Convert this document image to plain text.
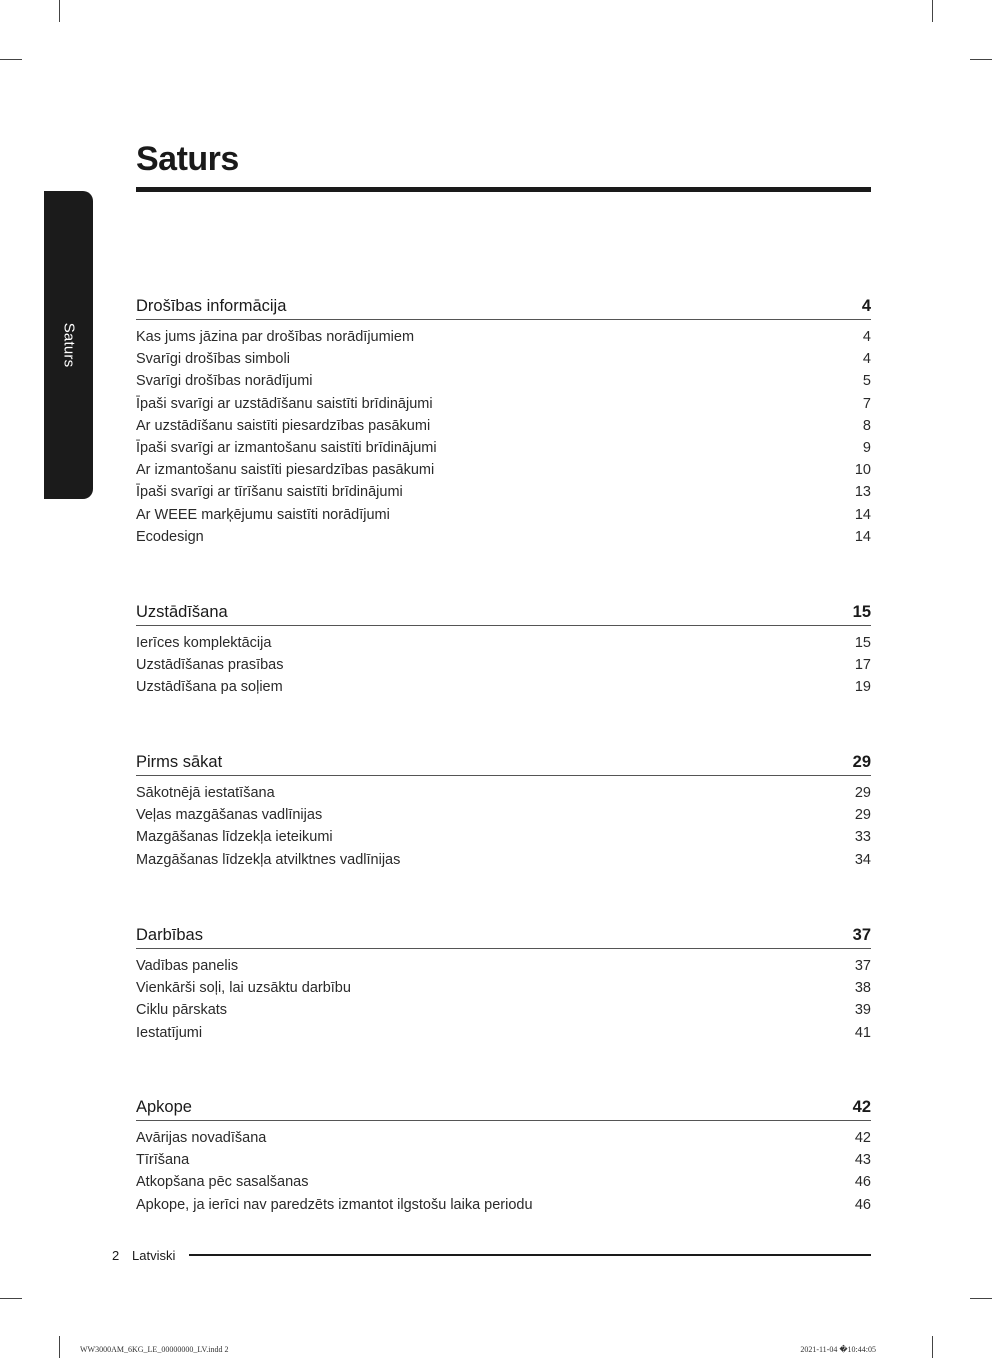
Saturs
Saturs
Drošības informācija	4
Kas jums jāzina par drošības norādījumiem	4
Svarīgi drošības simboli	4
Svarīgi drošības norādījumi	5
Īpaši svarīgi ar uzstādīšanu saistīti brīdinājumi	7
Ar uzstādīšanu saistīti piesardzības pasākumi	8
Īpaši svarīgi ar izmantošanu saistīti brīdinājumi	9
Ar izmantošanu saistīti piesardzības pasākumi	10
Īpaši svarīgi ar tīrīšanu saistīti brīdinājumi	13
Ar WEEE marķējumu saistīti norādījumi	14
Ecodesign	14
Uzstādīšana	15
Ierīces komplektācija	15
Uzstādīšanas prasības	17
Uzstādīšana pa soļiem	19
Pirms sākat	29
Sākotnējā iestatīšana	29
Veļas mazgāšanas vadlīnijas	29
Mazgāšanas līdzekļa ieteikumi	33
Mazgāšanas līdzekļa atvilktnes vadlīnijas	34
Darbības	37
Vadības panelis	37
Vienkārši soļi, lai uzsāktu darbību	38
Ciklu pārskats	39
Iestatījumi	41
Apkope	42
Avārijas novadīšana	42
Tīrīšana	43
Atkopšana pēc sasalšanas	46
Apkope, ja ierīci nav paredzēts izmantot ilgstošu laika periodu	46
2 Latviski
WW3000AM_6KG_LE_00000000_LV.indd 2	2021-11-04 �10:44:05
